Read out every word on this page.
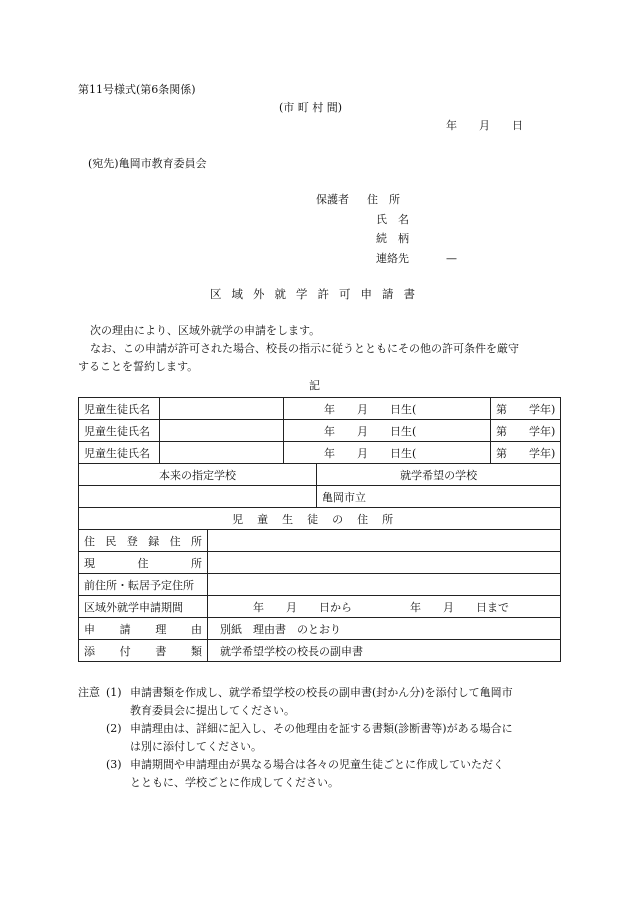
第11号様式(第6条関係)
(市 町 村 間)
年　　月　　日
(宛先)亀岡市教育委員会
保護者 住　所
氏　名
続　柄
連絡先	—
区域外就学許可申請書
次の理由により、区域外就学の申請をします。
なお、この申請が許可された場合、校長の指示に従うとともにその他の許可条件を厳守
することを誓約します。
記
児童生徒氏名			年　　月　　日生(		第　　学年)
児童生徒氏名			年　　月　　日生(		第　　学年)
児童生徒氏名			年　　月　　日生(		第　　学年)
本来の指定学校				就学希望の学校	
				亀岡市立	
児童生徒の住所					
住民登録住所					
現住所					
前住所・転居予定住所					
区域外就学申請期間		年　　月　　日から 年　　月　　日まで			
申請理由		別紙　理由書　のとおり			
添付書類		就学希望学校の校長の副申書			
注意 (1) 申請書類を作成し、就学希望学校の校長の副申書(封かん分)を添付して亀岡市
教育委員会に提出してください。
(2) 申請理由は、詳細に記入し、その他理由を証する書類(診断書等)がある場合に
は別に添付してください。
(3) 申請期間や申請理由が異なる場合は各々の児童生徒ごとに作成していただく
とともに、学校ごとに作成してください。
